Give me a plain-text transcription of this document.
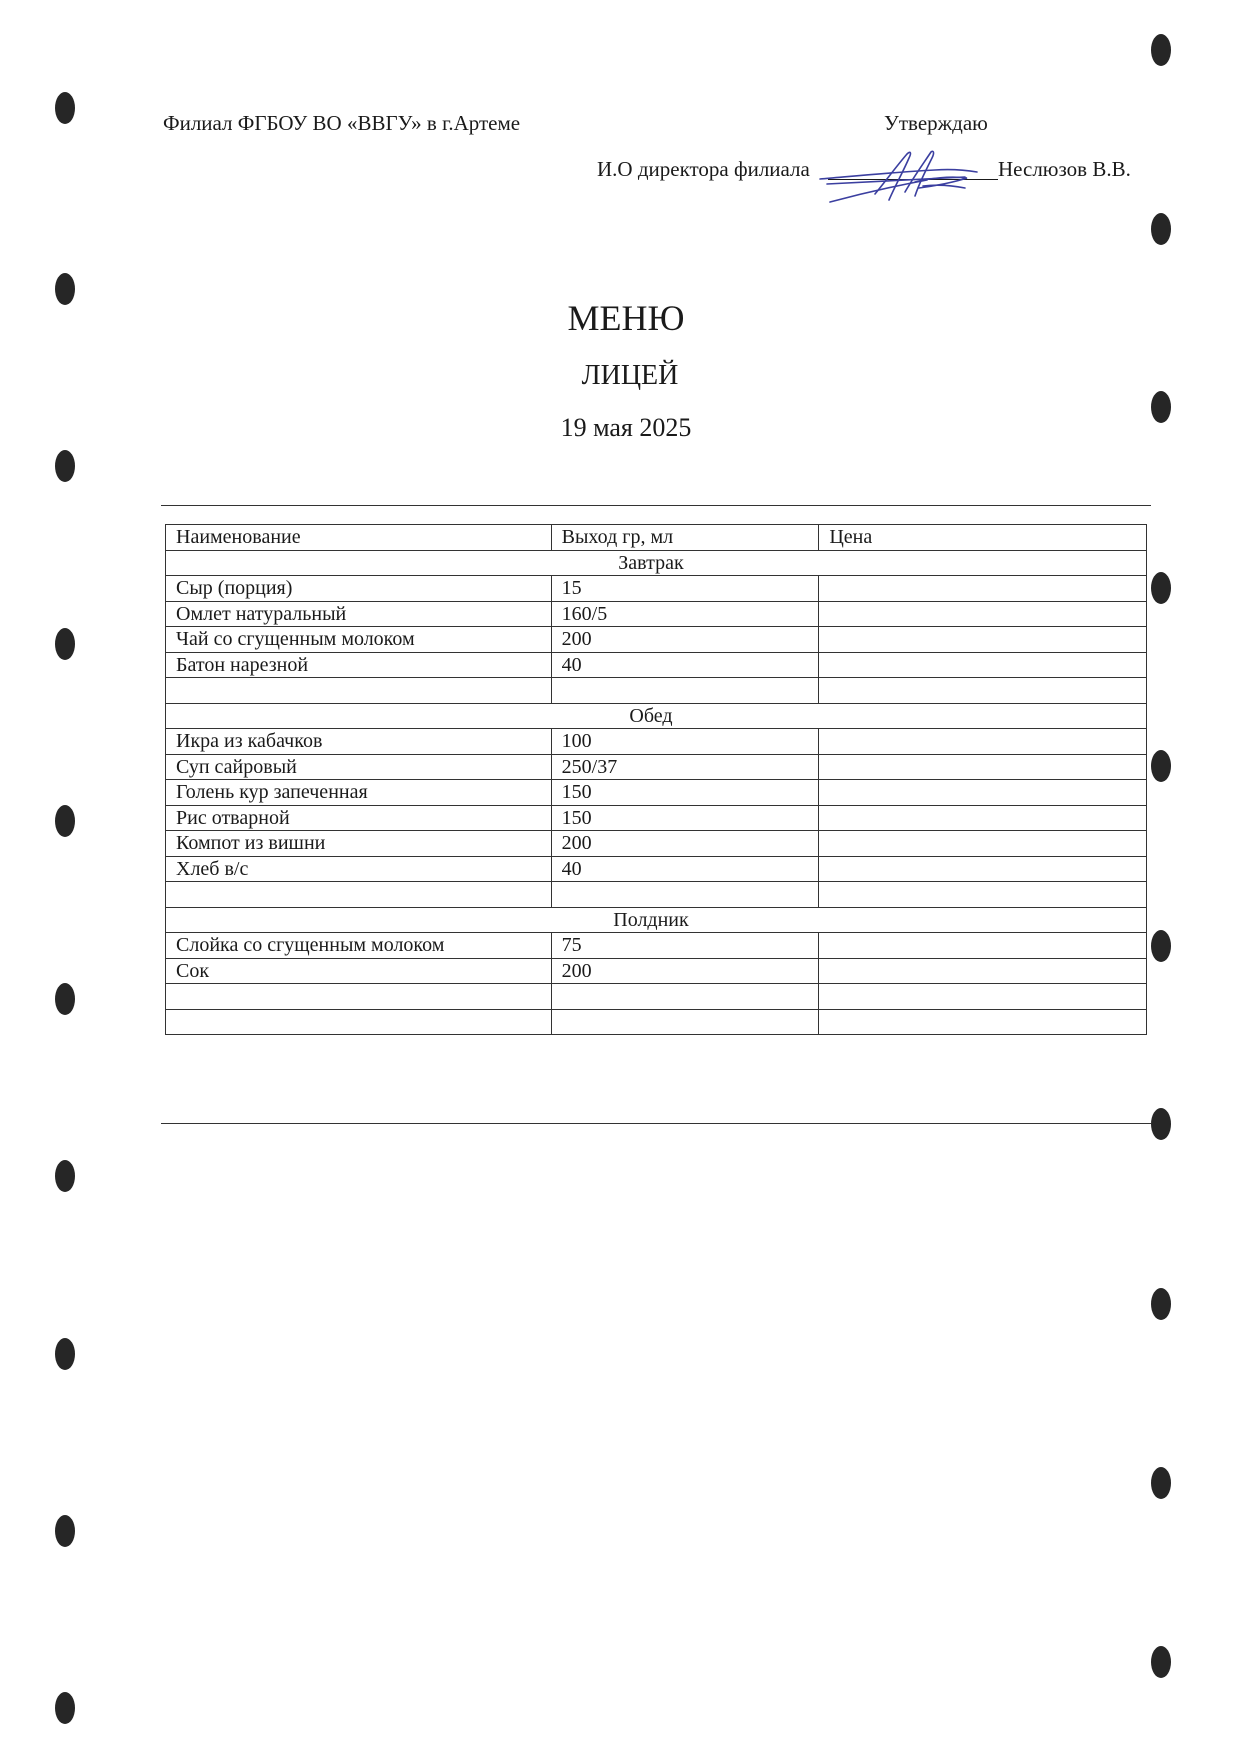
Филиал ФГБОУ ВО «ВВГУ» в г.Артеме	Утверждаю
И.О директора филиала	Неслюзов В.В.
МЕНЮ
ЛИЦЕЙ
19 мая 2025
Наименование	Выход гр, мл	Цена
Завтрак		
Сыр (порция)	15	
Омлет натуральный	160/5	
Чай со сгущенным молоком	200	
Батон нарезной	40	

Обед		
Икра из кабачков	100	
Суп сайровый	250/37	
Голень кур запеченная	150	
Рис отварной	150	
Компот из вишни	200	
Хлеб в/с	40	

Полдник		
Слойка со сгущенным молоком	75	
Сок	200	
